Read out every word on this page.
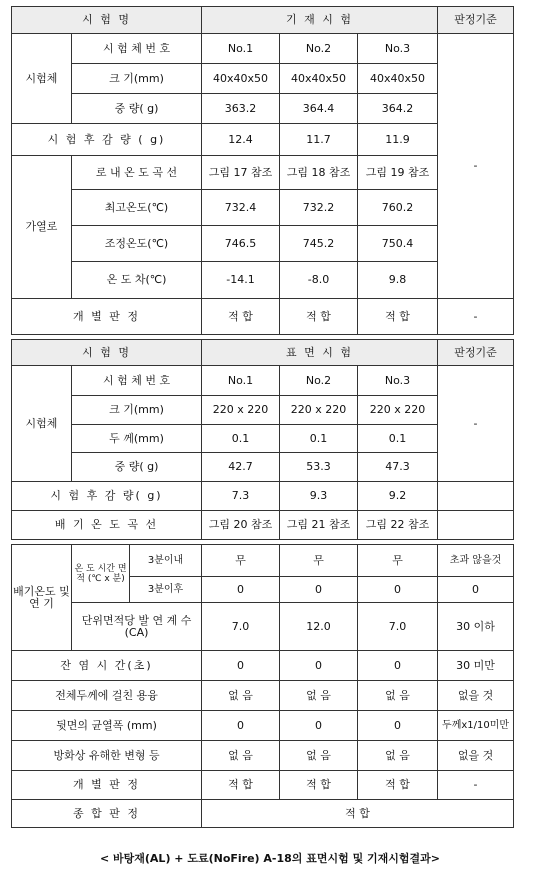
시 험 명			기 재 시 험			판정기준	
시험체	시 험 체 번 호		No.1	No.2	No.3	-	
	크 기(mm)		40x40x50	40x40x50	40x40x50		
	중 량( g)		363.2	364.4	364.2		
시 험 후 감 량 ( g)			12.4	11.7	11.9		
가열로	로 내 온 도 곡 선		그림 17 참조	그림 18 참조	그림 19 참조		
	최고온도(℃)		732.4	732.2	760.2		
	조정온도(℃)		746.5	745.2	750.4		
	온 도 차(℃)		-14.1	-8.0	9.8	
개 별 판 정			적 합	적 합	적 합	-	

시 험 명			표 면 시 험			판정기준	
시험체	시 험 체 번 호		No.1	No.2	No.3	-	
	크 기(mm)		220 x 220	220 x 220	220 x 220		
	두 께(mm)		0.1	0.1	0.1		
	중 량( g)		42.7	53.3	47.3		
시 험 후 감 량( g)			7.3	9.3	9.2		
배 기 온 도 곡 선			그림 20 참조	그림 21 참조	그림 22 참조		

배기온도 및 연 기	온 도 시간 면 적 (℃ x 분)	3분이내	무	무	무	초과 않을것	
		3분이후	0	0	0	0	
	단위면적당 발 연 계 수(CA)		7.0	12.0	7.0	30 이하	
잔 염 시 간(초)			0	0	0	30 미만	
전체두께에 걸친 용융			없 음	없 음	없 음	없을 것	
뒷면의 균열폭 (mm)			0	0	0	두께x1/10미만	
방화상 유해한 변형 등			없 음	없 음	없 음	없을 것	
개 별 판 정			적 합	적 합	적 합	-	
종 합 판 정			적 합				
< 바탕재(AL) + 도료(NoFire) A-18의 표면시험 및 기재시험결과>
